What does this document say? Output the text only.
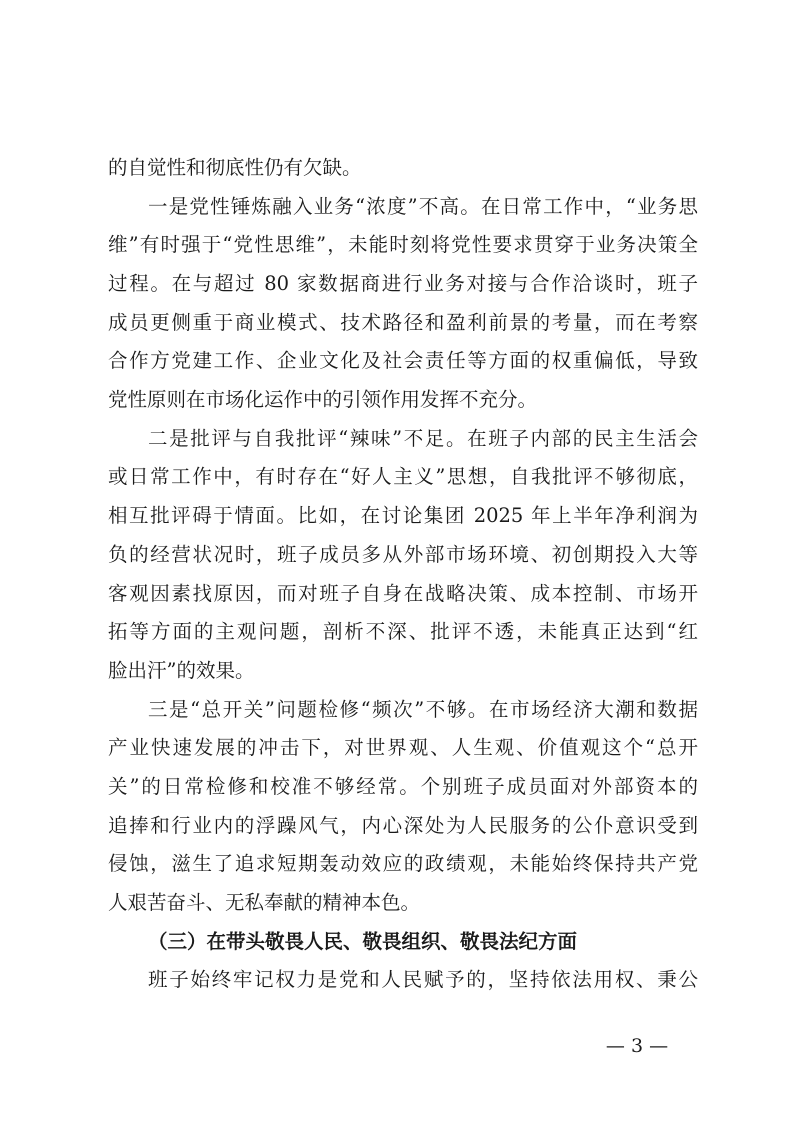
的自觉性和彻底性仍有欠缺。
一是党性锤炼融入业务“浓度”不高。在日常工作中，“业务思
维”有时强于“党性思维”，未能时刻将党性要求贯穿于业务决策全
过程。在与超过 80 家数据商进行业务对接与合作洽谈时，班子
成员更侧重于商业模式、技术路径和盈利前景的考量，而在考察
合作方党建工作、企业文化及社会责任等方面的权重偏低，导致
党性原则在市场化运作中的引领作用发挥不充分。
二是批评与自我批评“辣味”不足。在班子内部的民主生活会
或日常工作中，有时存在“好人主义”思想，自我批评不够彻底，
相互批评碍于情面。比如，在讨论集团 2025 年上半年净利润为
负的经营状况时，班子成员多从外部市场环境、初创期投入大等
客观因素找原因，而对班子自身在战略决策、成本控制、市场开
拓等方面的主观问题，剖析不深、批评不透，未能真正达到“红
脸出汗”的效果。
三是“总开关”问题检修“频次”不够。在市场经济大潮和数据
产业快速发展的冲击下，对世界观、人生观、价值观这个“总开
关”的日常检修和校准不够经常。个别班子成员面对外部资本的
追捧和行业内的浮躁风气，内心深处为人民服务的公仆意识受到
侵蚀，滋生了追求短期轰动效应的政绩观，未能始终保持共产党
人艰苦奋斗、无私奉献的精神本色。
（三）在带头敬畏人民、敬畏组织、敬畏法纪方面
班子始终牢记权力是党和人民赋予的，坚持依法用权、秉公
— 3 —
